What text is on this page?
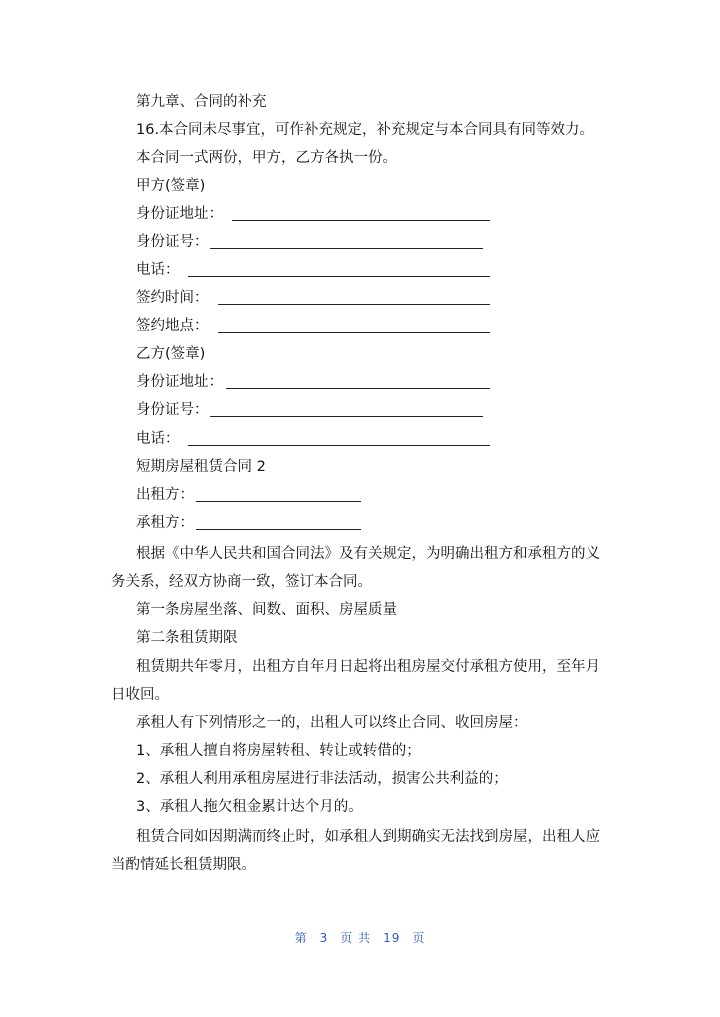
第九章、合同的补充
16.本合同未尽事宜，可作补充规定，补充规定与本合同具有同等效力。
本合同一式两份，甲方，乙方各执一份。
甲方(签章)
身份证地址：
身份证号：
电话：
签约时间：
签约地点：
乙方(签章)
身份证地址：
身份证号：
电话：
短期房屋租赁合同 2
出租方：
承租方：
根据《中华人民共和国合同法》及有关规定，为明确出租方和承租方的义
务关系，经双方协商一致，签订本合同。
第一条房屋坐落、间数、面积、房屋质量
第二条租赁期限
租赁期共年零月，出租方自年月日起将出租房屋交付承租方使用，至年月
日收回。
承租人有下列情形之一的，出租人可以终止合同、收回房屋：
1、承租人擅自将房屋转租、转让或转借的；
2、承租人利用承租房屋进行非法活动，损害公共利益的；
3、承租人拖欠租金累计达个月的。
租赁合同如因期满而终止时，如承租人到期确实无法找到房屋，出租人应
当酌情延长租赁期限。
第 3 页 共 19 页
